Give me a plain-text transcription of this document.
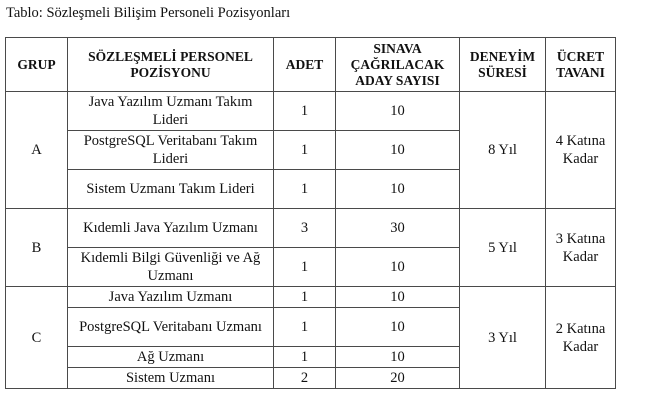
Tablo: Sözleşmeli Bilişim Personeli Pozisyonları
GRUP	SÖZLEŞMELİ PERSONEL POZİSYONU	ADET	SINAVA ÇAĞRILACAK ADAY SAYISI	DENEYİM SÜRESİ	ÜCRET TAVANI
A	Java Yazılım Uzmanı Takım Lideri	1	10	8 Yıl	4 Katına Kadar
	PostgreSQL Veritabanı Takım Lideri	1	10		
	Sistem Uzmanı Takım Lideri	1	10		
B	Kıdemli Java Yazılım Uzmanı	3	30	5 Yıl	3 Katına Kadar
	Kıdemli Bilgi Güvenliği ve Ağ Uzmanı	1	10		
C	Java Yazılım Uzmanı	1	10	3 Yıl	2 Katına Kadar
	PostgreSQL Veritabanı Uzmanı	1	10		
	Ağ Uzmanı	1	10		
	Sistem Uzmanı	2	20		
